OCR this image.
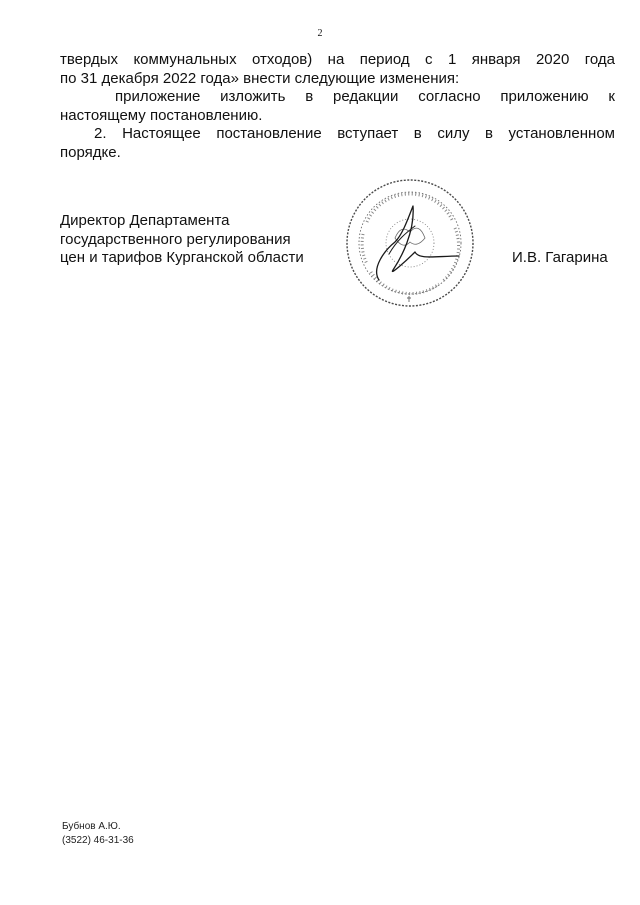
2
твердых коммунальных отходов) на период с 1 января 2020 года
по 31 декабря 2022 года» внести следующие изменения:
приложение изложить в редакции согласно приложению к
настоящему постановлению.
2. Настоящее постановление вступает в силу в установленном
порядке.
Директор Департамента
государственного регулирования
цен и тарифов Курганской области	И.В. Гагарина
Бубнов А.Ю.
(3522) 46-31-36
